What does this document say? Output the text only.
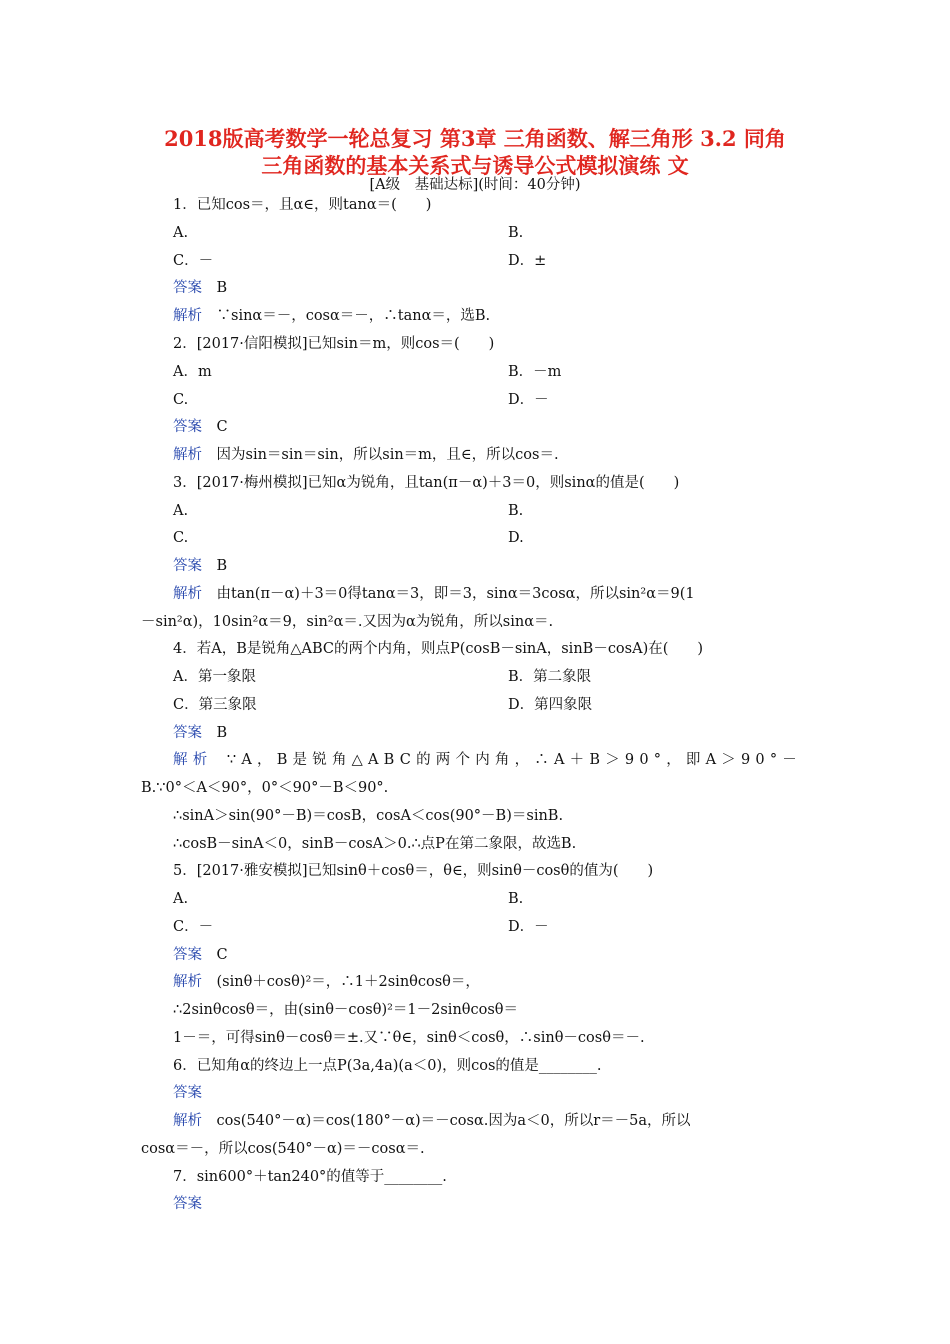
2018版高考数学一轮总复习 第3章 三角函数、解三角形 3.2 同角
三角函数的基本关系式与诱导公式模拟演练 文
[A级　基础达标](时间：40分钟)
1．已知cos＝，且α∈，则tanα＝(　　)
A.	B.
C．－	D．±
答案　 B
解析　 ∵sinα＝－，cosα＝－，∴tanα＝，选B.
2．[2017·信阳模拟]已知sin＝m，则cos＝(　　)
A．m	B．－m
C.	D．－
答案　 C
解析　 因为sin＝sin＝sin，所以sin＝m，且∈，所以cos＝.
3．[2017·梅州模拟]已知α为锐角，且tan(π－α)＋3＝0，则sinα的值是(　　)
A.	B.
C.	D.
答案　 B
解析　 由tan(π－α)＋3＝0得tanα＝3，即＝3，sinα＝3cosα，所以sin²α＝9(1
－sin²α)，10sin²α＝9，sin²α＝.又因为α为锐角，所以sinα＝.
4．若A，B是锐角△ABC的两个内角，则点P(cosB－sinA，sinB－cosA)在(　　)
A．第一象限	B．第二象限
C．第三象限	D．第四象限
答案　 B
解析　 ∵A，B是锐角△ABC的两个内角，∴A＋B＞90°，即A＞90°－
B.∵0°＜A＜90°，0°＜90°－B＜90°.
∴sinA＞sin(90°－B)＝cosB，cosA＜cos(90°－B)＝sinB.
∴cosB－sinA＜0，sinB－cosA＞0.∴点P在第二象限，故选B.
5．[2017·雅安模拟]已知sinθ＋cosθ＝，θ∈，则sinθ－cosθ的值为(　　)
A.	B.
C．－	D．－
答案　 C
解析　 (sinθ＋cosθ)²＝，∴1＋2sinθcosθ＝，
∴2sinθcosθ＝，由(sinθ－cosθ)²＝1－2sinθcosθ＝
1－＝，可得sinθ－cosθ＝±.又∵θ∈，sinθ＜cosθ，∴sinθ－cosθ＝－.
6．已知角α的终边上一点P(3a,4a)(a＜0)，则cos的值是________.
答案
解析　 cos(540°－α)＝cos(180°－α)＝－cosα.因为a＜0，所以r＝－5a，所以
cosα＝－，所以cos(540°－α)＝－cosα＝.
7．sin600°＋tan240°的值等于________.
答案
